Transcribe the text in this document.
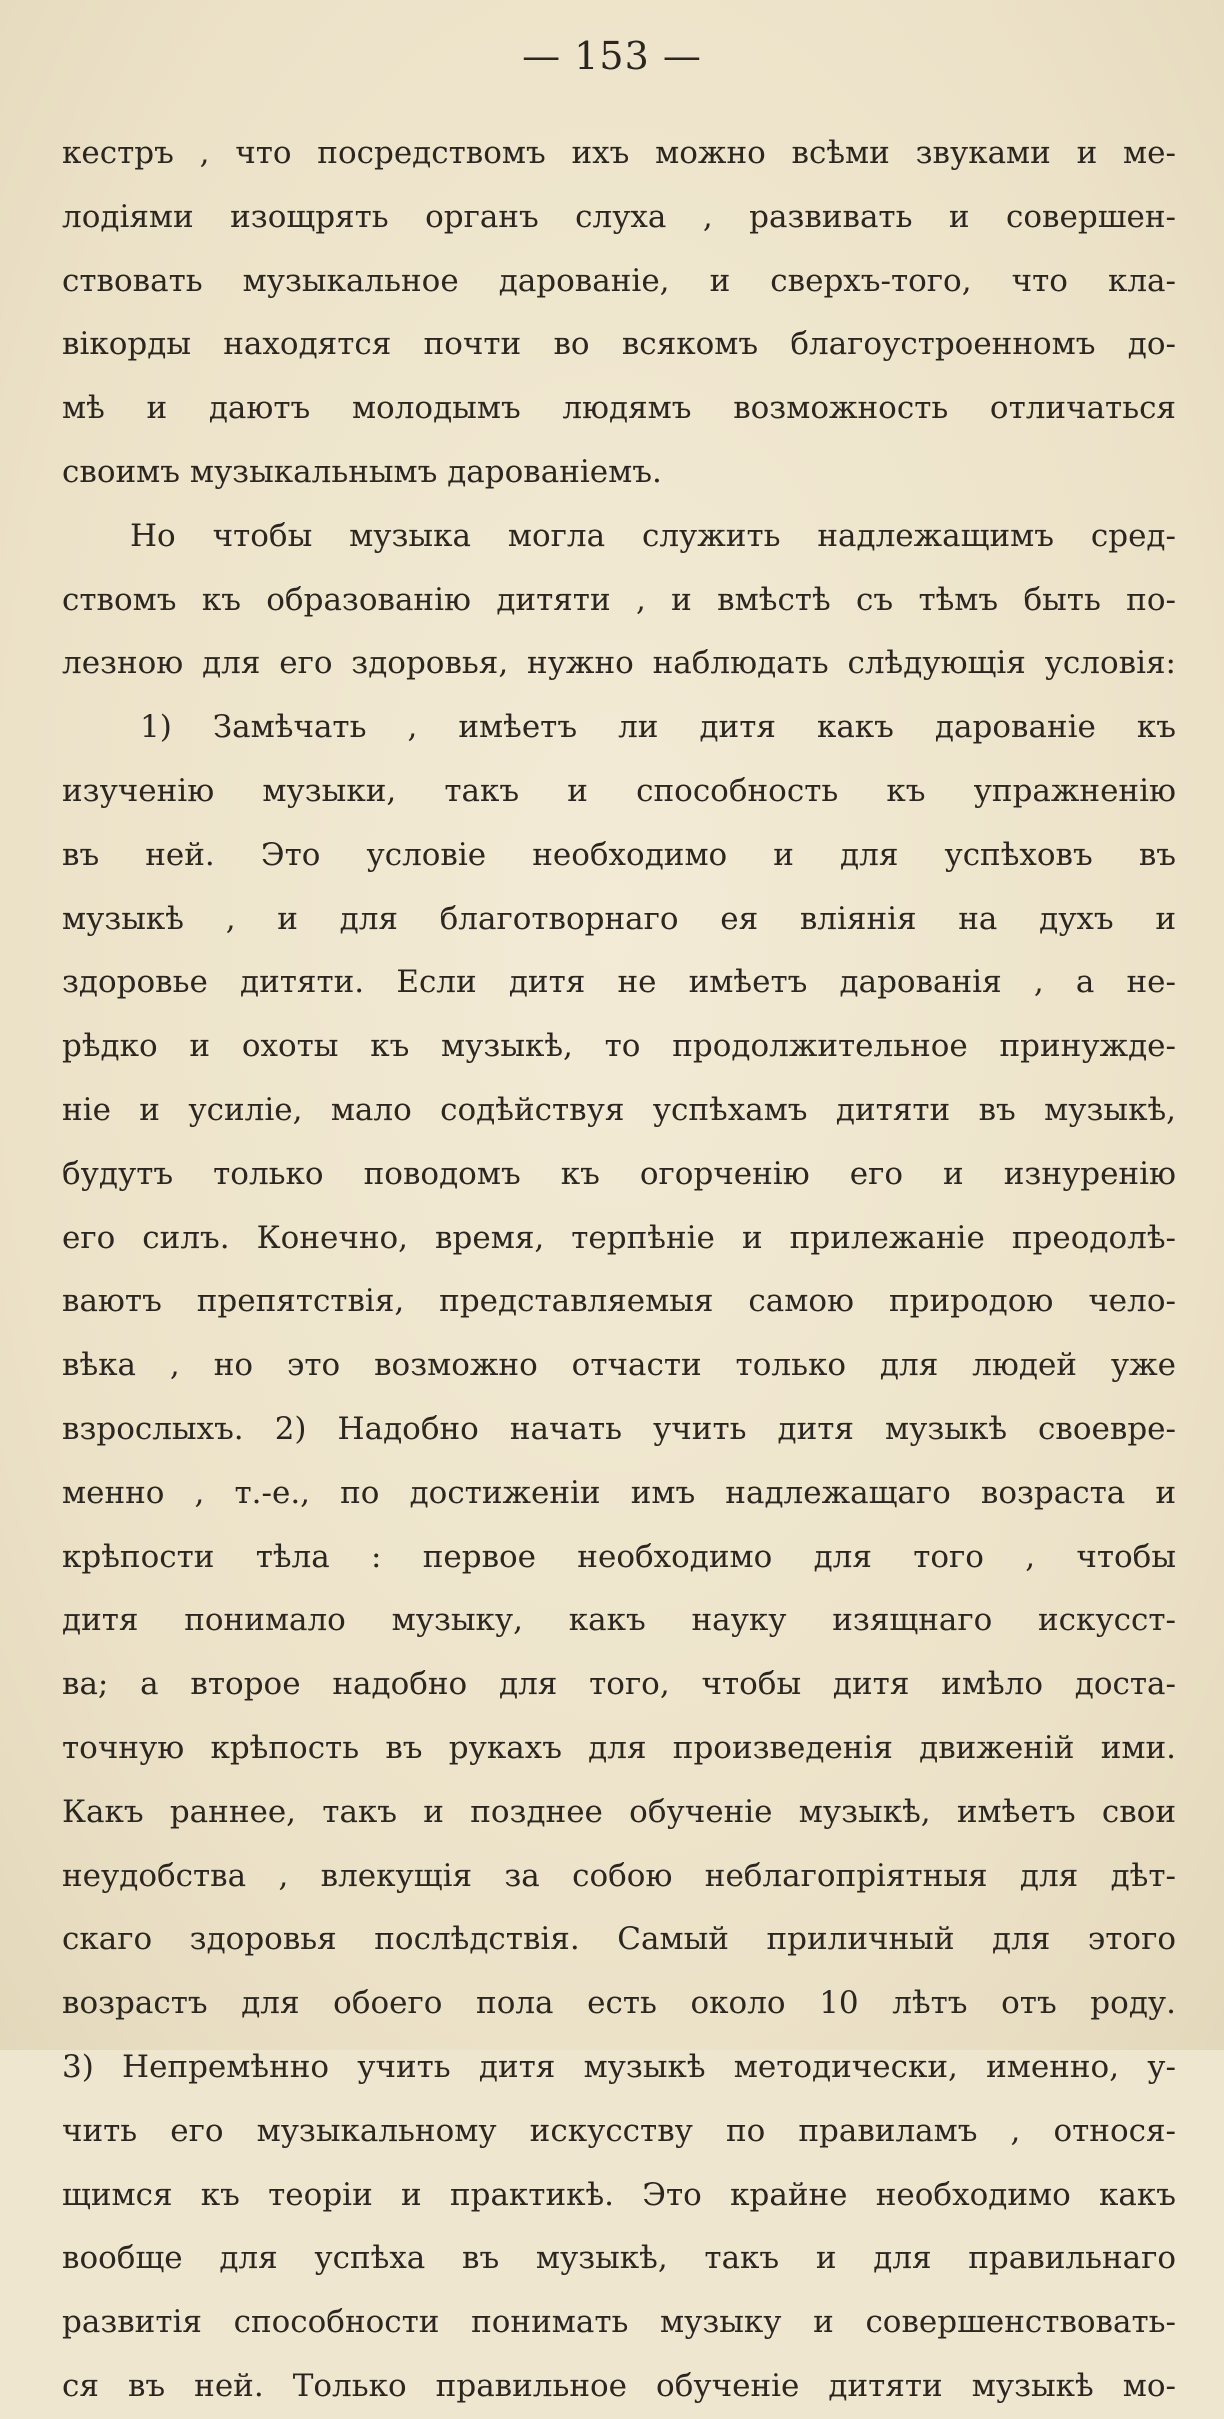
— 153 —
кестръ , что посредствомъ ихъ можно всѣми звуками и ме-
лодіями изощрять органъ слуха , развивать и совершен-
ствовать музыкальное дарованіе, и сверхъ-того, что кла-
вікорды находятся почти во всякомъ благоустроенномъ до-
мѣ и даютъ молодымъ людямъ возможность отличаться
своимъ музыкальнымъ дарованіемъ.
Но чтобы музыка могла служить надлежащимъ сред-
ствомъ къ образованію дитяти , и вмѣстѣ съ тѣмъ быть по-
лезною для его здоровья, нужно наблюдать слѣдующія условія:
1) Замѣчать , имѣетъ ли дитя какъ дарованіе къ
изученію музыки, такъ и способность къ упражненію
въ ней. Это условіе необходимо и для успѣховъ въ
музыкѣ , и для благотворнаго ея вліянія на духъ и
здоровье дитяти. Если дитя не имѣетъ дарованія , а не-
рѣдко и охоты къ музыкѣ, то продолжительное принужде-
ніе и усиліе, мало содѣйствуя успѣхамъ дитяти въ музыкѣ,
будутъ только поводомъ къ огорченію его и изнуренію
его силъ. Конечно, время, терпѣніе и прилежаніе преодолѣ-
ваютъ препятствія, представляемыя самою природою чело-
вѣка , но это возможно отчасти только для людей уже
взрослыхъ. 2) Надобно начать учить дитя музыкѣ своевре-
менно , т.-е., по достиженіи имъ надлежащаго возраста и
крѣпости тѣла : первое необходимо для того , чтобы
дитя понимало музыку, какъ науку изящнаго искусст-
ва; а второе надобно для того, чтобы дитя имѣло доста-
точную крѣпость въ рукахъ для произведенія движеній ими.
Какъ раннее, такъ и позднее обученіе музыкѣ, имѣетъ свои
неудобства , влекущія за собою неблагопріятныя для дѣт-
скаго здоровья послѣдствія. Самый приличный для этого
возрастъ для обоего пола есть около 10 лѣтъ отъ роду.
3) Непремѣнно учить дитя музыкѣ методически, именно, у-
чить его музыкальному искусству по правиламъ , относя-
щимся къ теоріи и практикѣ. Это крайне необходимо какъ
вообще для успѣха въ музыкѣ, такъ и для правильнаго
развитія способности понимать музыку и совершенствовать-
ся въ ней. Только правильное обученіе дитяти музыкѣ мо-
